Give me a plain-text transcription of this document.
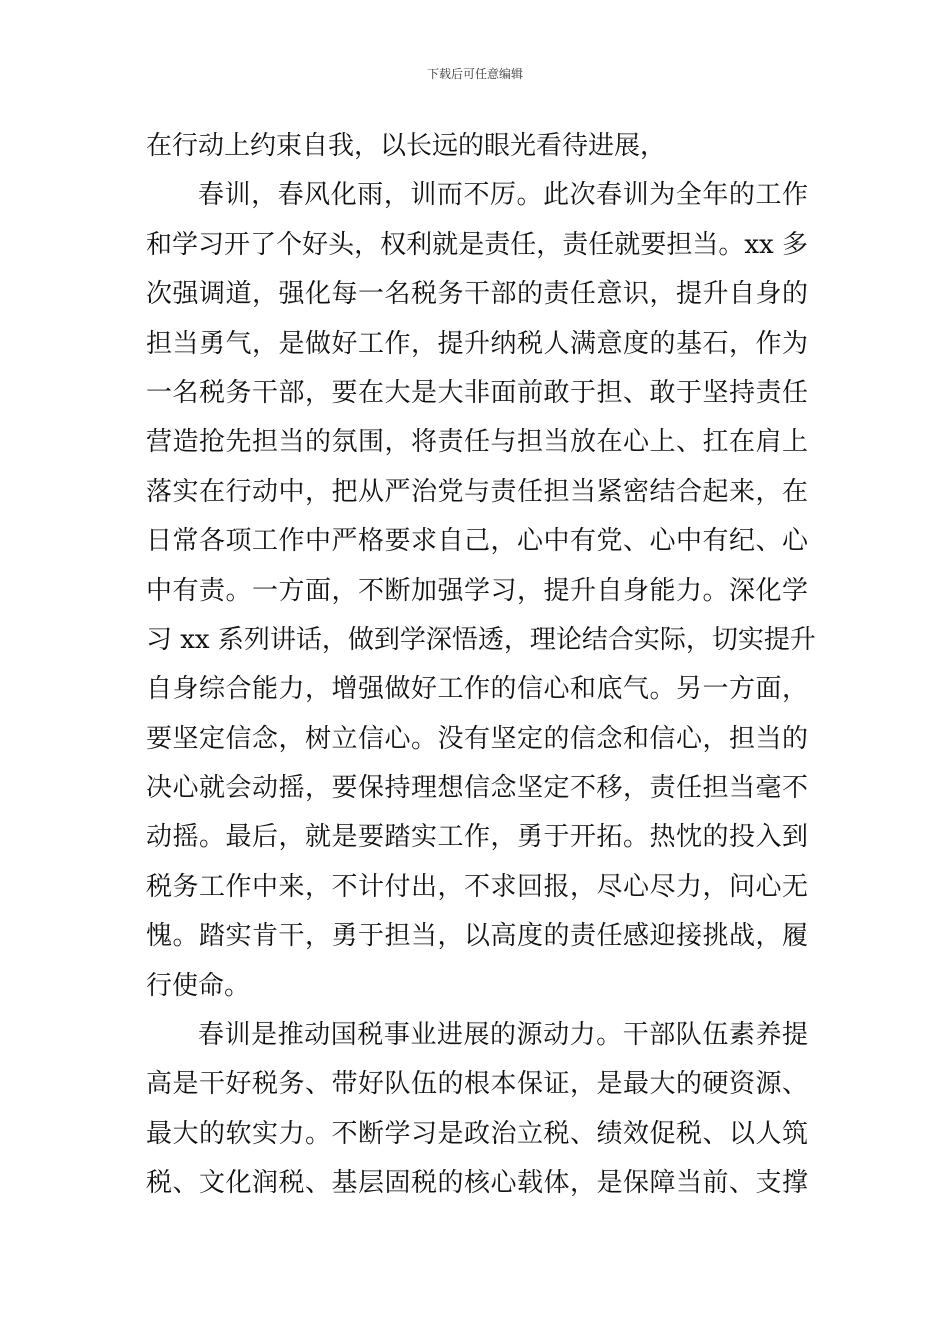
下载后可任意编辑
在行动上约束自我，以长远的眼光看待进展，
春训，春风化雨，训而不厉。此次春训为全年的工作
和学习开了个好头，权利就是责任，责任就要担当。xx 多
次强调道，强化每一名税务干部的责任意识，提升自身的
担当勇气，是做好工作，提升纳税人满意度的基石，作为
一名税务干部，要在大是大非面前敢于担、敢于坚持责任
营造抢先担当的氛围，将责任与担当放在心上、扛在肩上
落实在行动中，把从严治党与责任担当紧密结合起来，在
日常各项工作中严格要求自己，心中有党、心中有纪、心
中有责。一方面，不断加强学习，提升自身能力。深化学
习 xx 系列讲话，做到学深悟透，理论结合实际，切实提升
自身综合能力，增强做好工作的信心和底气。另一方面，
要坚定信念，树立信心。没有坚定的信念和信心，担当的
决心就会动摇，要保持理想信念坚定不移，责任担当毫不
动摇。最后，就是要踏实工作，勇于开拓。热忱的投入到
税务工作中来，不计付出，不求回报，尽心尽力，问心无
愧。踏实肯干，勇于担当，以高度的责任感迎接挑战，履
行使命。
春训是推动国税事业进展的源动力。干部队伍素养提
高是干好税务、带好队伍的根本保证，是最大的硬资源、
最大的软实力。不断学习是政治立税、绩效促税、以人筑
税、文化润税、基层固税的核心载体，是保障当前、支撑
